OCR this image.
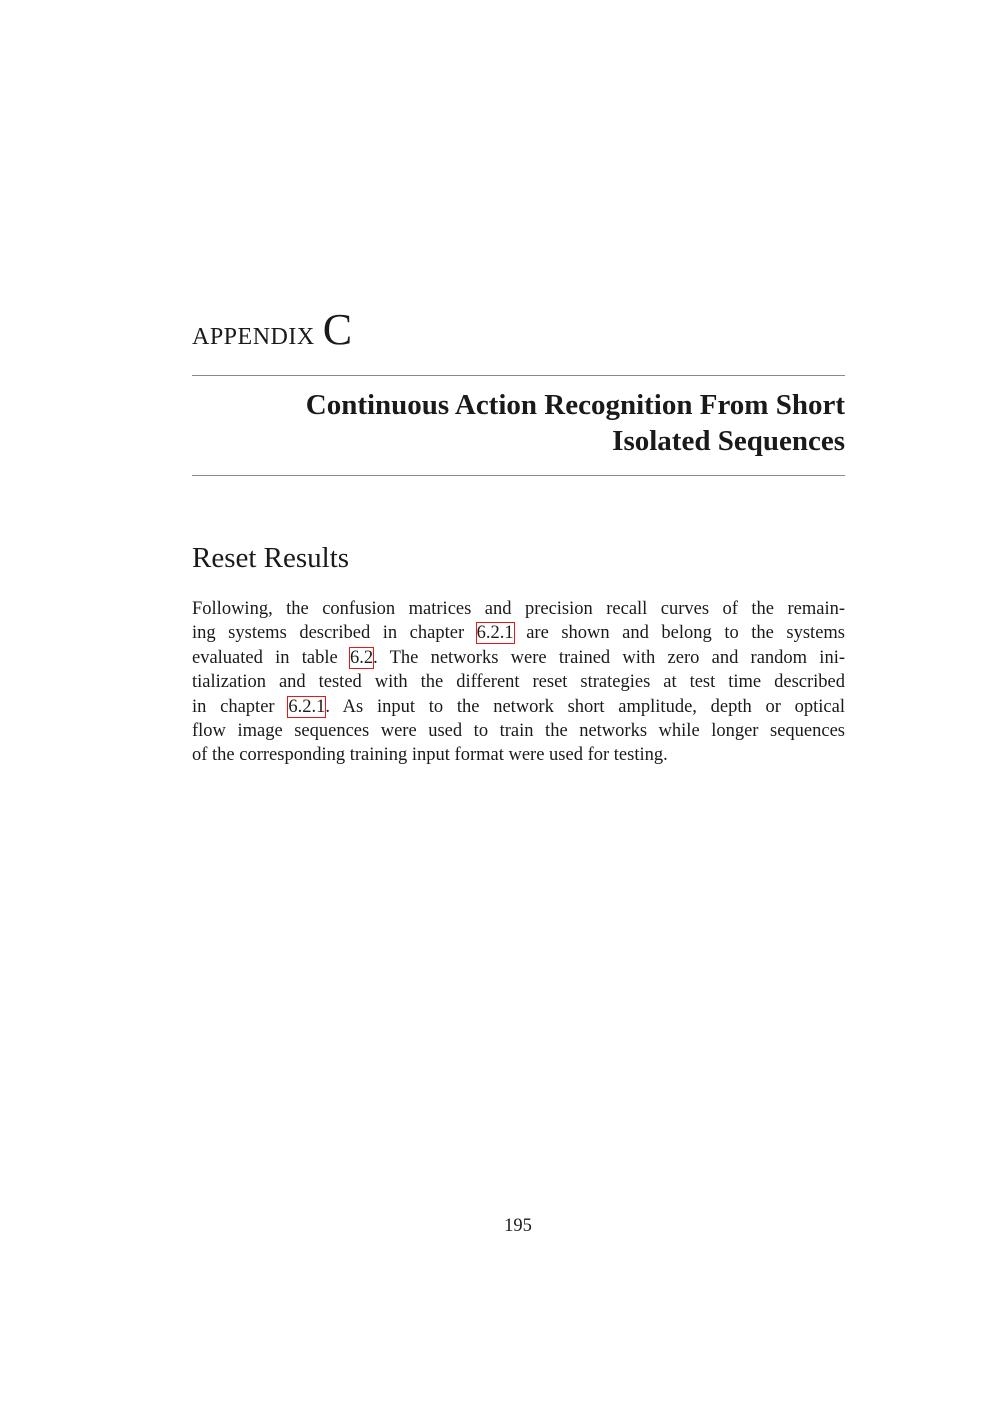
appendix C
Continuous Action Recognition From Short
Isolated Sequences
Reset Results

Following, the confusion matrices and precision recall curves of the remain-
ing systems described in chapter 6.2.1 are shown and belong to the systems
evaluated in table 6.2. The networks were trained with zero and random ini-
tialization and tested with the different reset strategies at test time described
in chapter 6.2.1. As input to the network short amplitude, depth or optical
flow image sequences were used to train the networks while longer sequences
of the corresponding training input format were used for testing.

195
